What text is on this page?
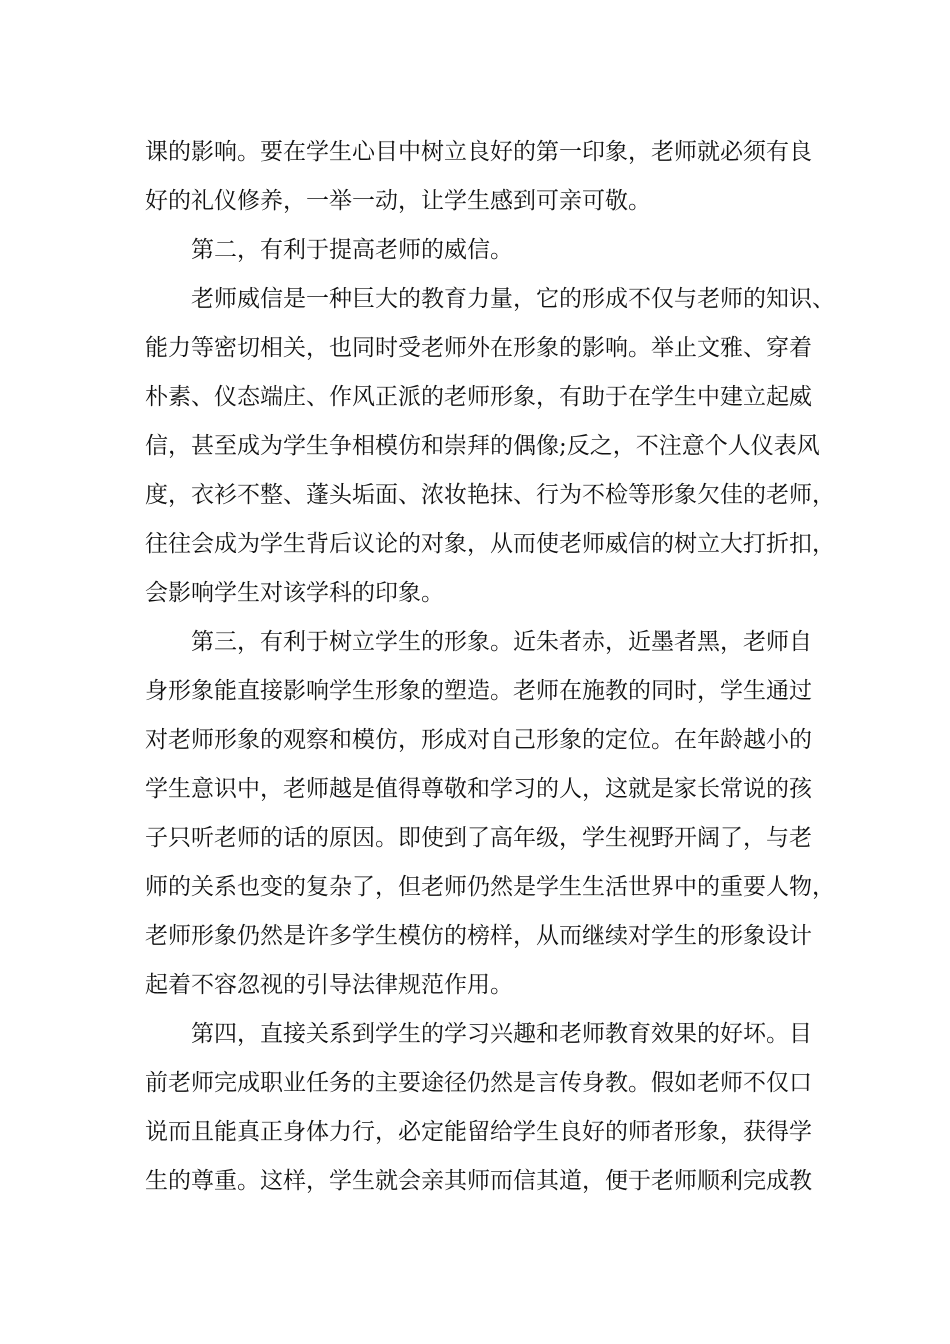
课的影响。要在学生心目中树立良好的第一印象，老师就必须有良
好的礼仪修养，一举一动，让学生感到可亲可敬。
第二，有利于提高老师的威信。
老师威信是一种巨大的教育力量，它的形成不仅与老师的知识、
能力等密切相关，也同时受老师外在形象的影响。举止文雅、穿着
朴素、仪态端庄、作风正派的老师形象，有助于在学生中建立起威
信，甚至成为学生争相模仿和崇拜的偶像;反之，不注意个人仪表风
度，衣衫不整、蓬头垢面、浓妆艳抹、行为不检等形象欠佳的老师，
往往会成为学生背后议论的对象，从而使老师威信的树立大打折扣，
会影响学生对该学科的印象。
第三，有利于树立学生的形象。近朱者赤，近墨者黑，老师自
身形象能直接影响学生形象的塑造。老师在施教的同时，学生通过
对老师形象的观察和模仿，形成对自己形象的定位。在年龄越小的
学生意识中，老师越是值得尊敬和学习的人，这就是家长常说的孩
子只听老师的话的原因。即使到了高年级，学生视野开阔了，与老
师的关系也变的复杂了，但老师仍然是学生生活世界中的重要人物，
老师形象仍然是许多学生模仿的榜样，从而继续对学生的形象设计
起着不容忽视的引导法律规范作用。
第四，直接关系到学生的学习兴趣和老师教育效果的好坏。目
前老师完成职业任务的主要途径仍然是言传身教。假如老师不仅口
说而且能真正身体力行，必定能留给学生良好的师者形象，获得学
生的尊重。这样，学生就会亲其师而信其道，便于老师顺利完成教
